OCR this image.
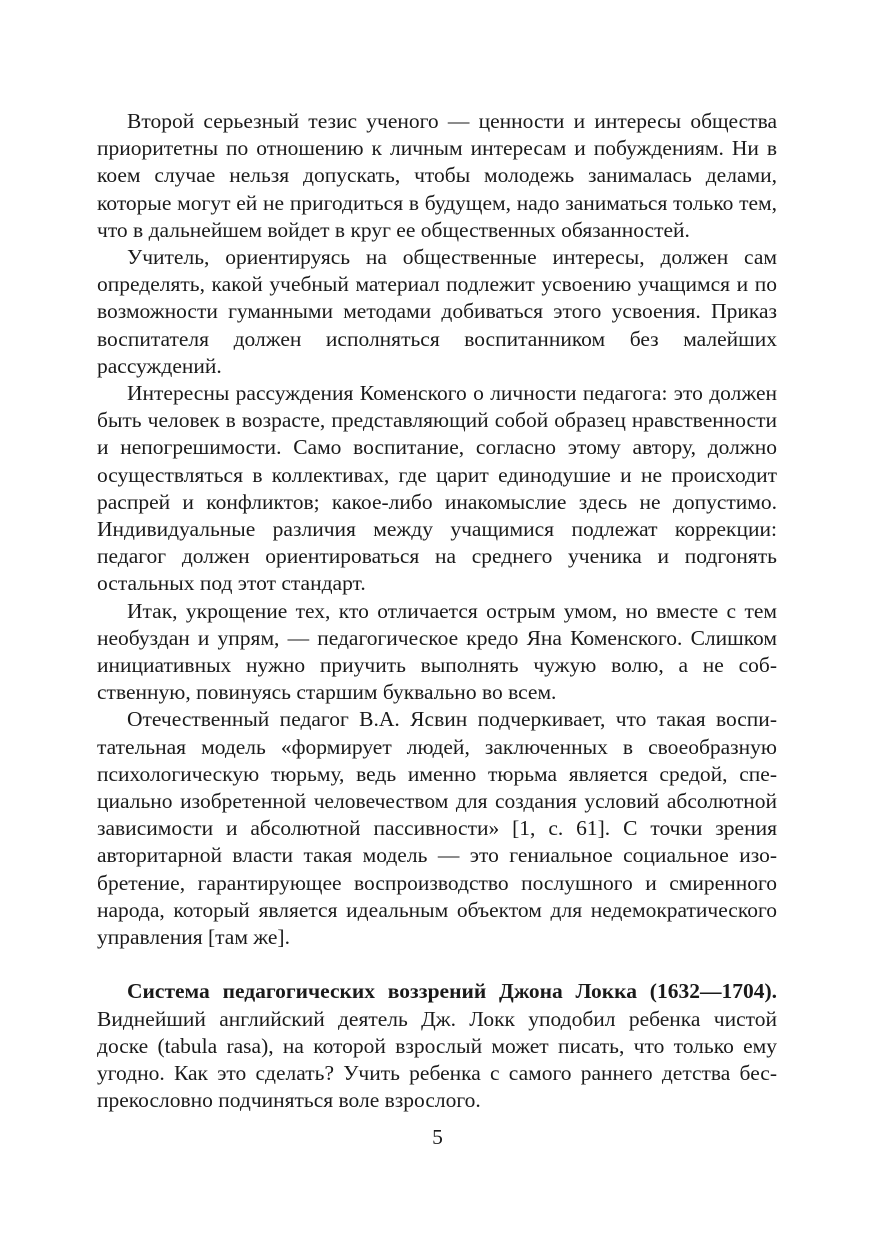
Второй серьезный тезис ученого — ценности и интересы общества приоритетны по отношению к личным интересам и побуждениям. Ни в коем случае нельзя допускать, чтобы молодежь занималась делами, которые могут ей не пригодиться в будущем, надо заниматься только тем, что в дальнейшем войдет в круг ее общественных обязанностей.

Учитель, ориентируясь на общественные интересы, должен сам определять, какой учебный материал подлежит усвоению учащимся и по возможности гуманными методами добиваться этого усвоения. Приказ воспитателя должен исполняться воспитанником без малейших рассуждений.

Интересны рассуждения Коменского о личности педагога: это должен быть человек в возрасте, представляющий собой образец нравственности и непогрешимости. Само воспитание, согласно этому автору, должно осуществляться в коллективах, где царит единодушие и не происходит распрей и конфликтов; какое-либо инакомыслие здесь не допустимо. Индивидуальные различия между учащимися подлежат коррекции: педагог должен ориентироваться на среднего ученика и подгонять остальных под этот стандарт.

Итак, укрощение тех, кто отличается острым умом, но вместе с тем необуздан и упрям, — педагогическое кредо Яна Коменского. Слишком инициативных нужно приучить выполнять чужую волю, а не собственную, повинуясь старшим буквально во всем.

Отечественный педагог В.А. Ясвин подчеркивает, что такая воспитательная модель «формирует людей, заключенных в своеобразную психологическую тюрьму, ведь именно тюрьма является средой, специально изобретенной человечеством для создания условий абсолютной зависимости и абсолютной пассивности» [1, с. 61]. С точки зрения авторитарной власти такая модель — это гениальное социальное изобретение, гарантирующее воспроизводство послушного и смиренного народа, который является идеальным объектом для недемократического управления [там же].

Система педагогических воззрений Джона Локка (1632—1704). Виднейший английский деятель Дж. Локк уподобил ребенка чистой доске (tabula rasa), на которой взрослый может писать, что только ему угодно. Как это сделать? Учить ребенка с самого раннего детства беспрекословно подчиняться воле взрослого.

5
